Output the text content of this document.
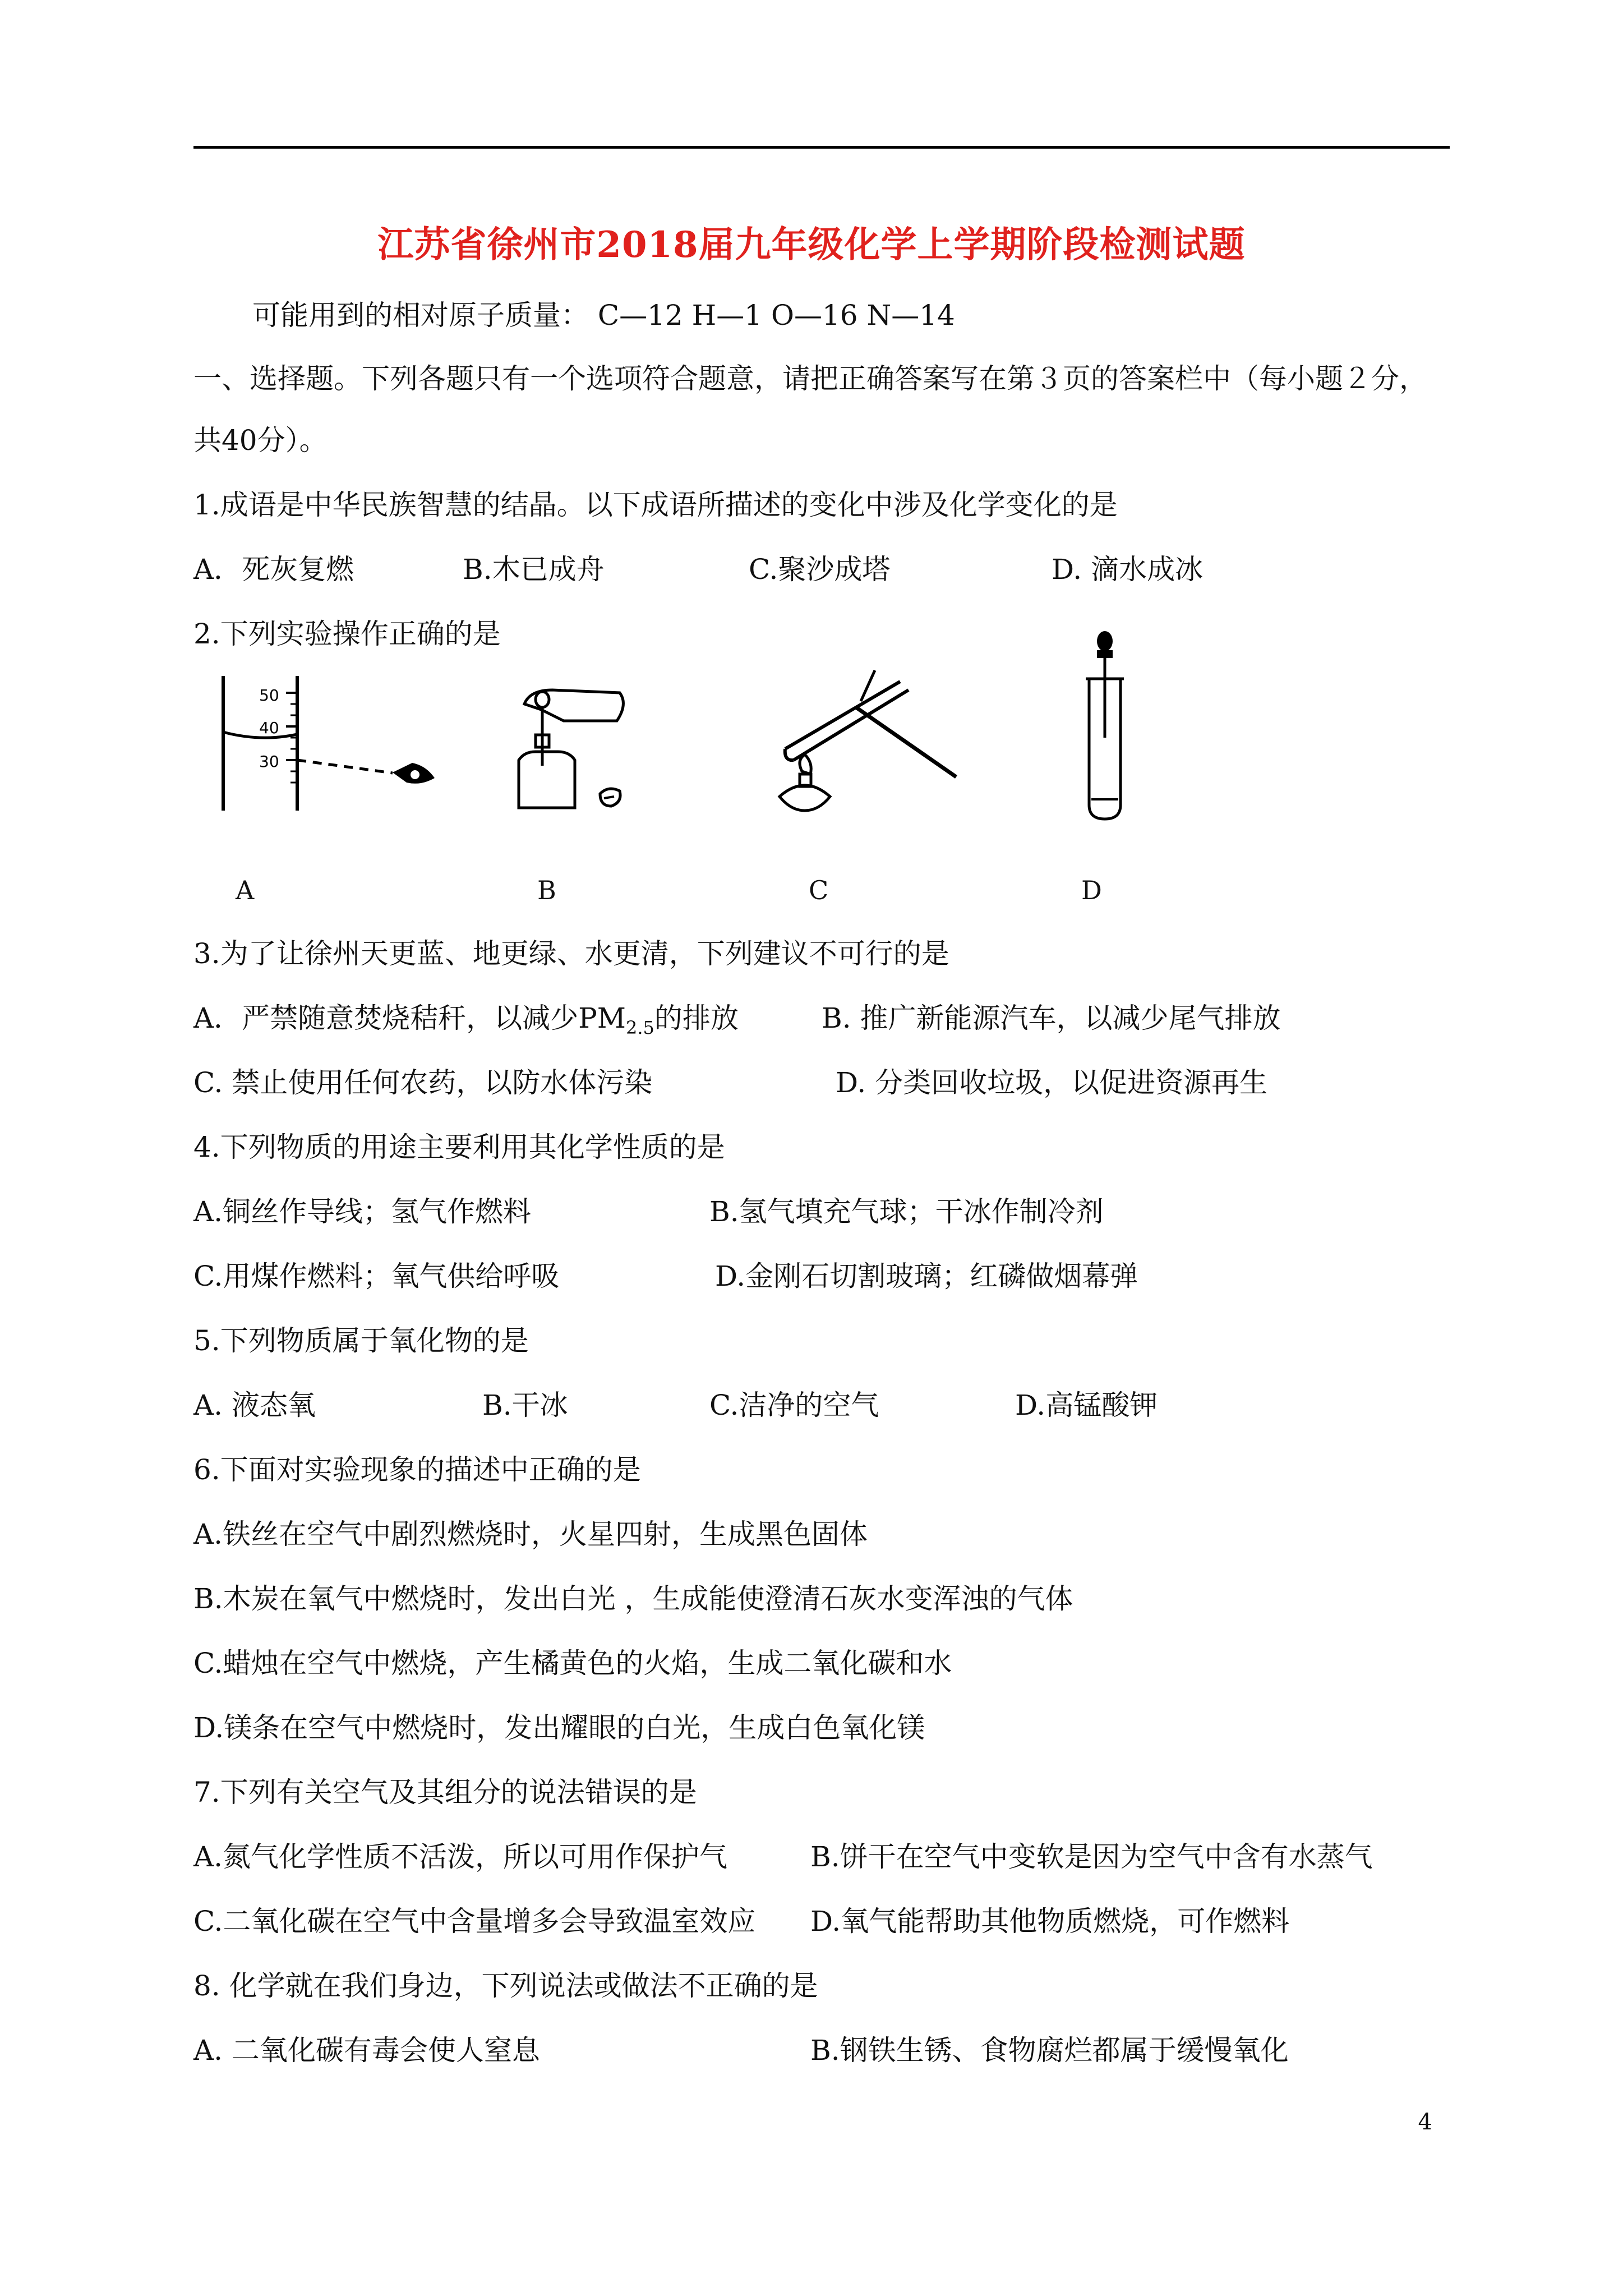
江苏省徐州市2018届九年级化学上学期阶段检测试题
可能用到的相对原子质量： C—12 H—1 O—16 N—14
一、选择题。下列各题只有一个选项符合题意，请把正确答案写在第３页的答案栏中（每小题２分，
共40分）。
1.成语是中华民族智慧的结晶。以下成语所描述的变化中涉及化学变化的是
A．死灰复燃	B.木已成舟	C.聚沙成塔	D. 滴水成冰
2.下列实验操作正确的是
50
40
30
A	B	C	D
3.为了让徐州天更蓝、地更绿、水更清，下列建议不可行的是
A．严禁随意焚烧秸秆，以减少$PM_{2.5}$的排放	B. 推广新能源汽车，以减少尾气排放
C. 禁止使用任何农药，以防水体污染	D. 分类回收垃圾，以促进资源再生
4.下列物质的用途主要利用其化学性质的是
A.铜丝作导线；氢气作燃料	B.氢气填充气球；干冰作制冷剂
C.用煤作燃料；氧气供给呼吸	D.金刚石切割玻璃；红磷做烟幕弹
5.下列物质属于氧化物的是
A. 液态氧	B.干冰	C.洁净的空气	D.高锰酸钾
6.下面对实验现象的描述中正确的是
A.铁丝在空气中剧烈燃烧时，火星四射，生成黑色固体
B.木炭在氧气中燃烧时，发出白光 ，生成能使澄清石灰水变浑浊的气体
C.蜡烛在空气中燃烧，产生橘黄色的火焰，生成二氧化碳和水
D.镁条在空气中燃烧时，发出耀眼的白光，生成白色氧化镁
7.下列有关空气及其组分的说法错误的是
A.氮气化学性质不活泼，所以可用作保护气	B.饼干在空气中变软是因为空气中含有水蒸气
C.二氧化碳在空气中含量增多会导致温室效应 D.氧气能帮助其他物质燃烧，可作燃料
8. 化学就在我们身边，下列说法或做法不正确的是
A. 二氧化碳有毒会使人窒息	B.钢铁生锈、食物腐烂都属于缓慢氧化
4
